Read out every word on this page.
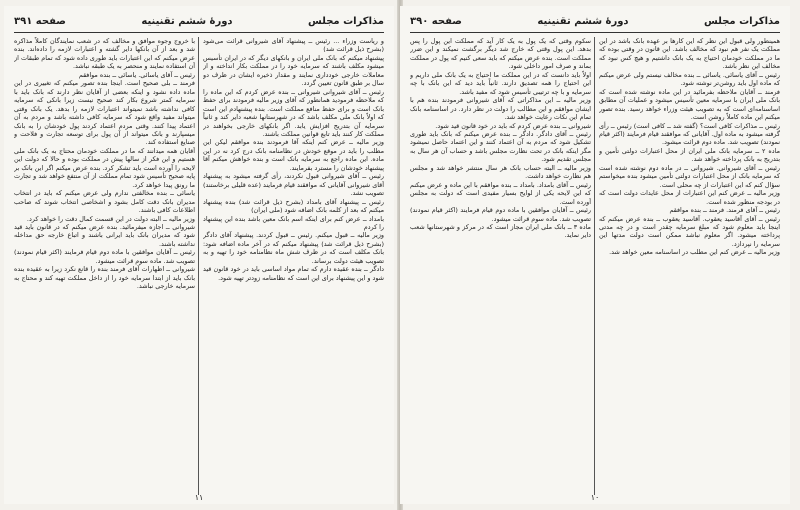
صفحه ۳۹۱	دورهٔ ششم تقنینیه	مذاکرات مجلس

و ریاست وزراء ... رئیس ــ پیشنهاد آقای شیروانی قرائت می‌شود (بشرح ذیل قرائت شد)

پیشنهاد میکنم که بانک ملی ایران و بانکهای دیگر که در ایران تأسیس میشود مکلف باشند که سرمایه خود را در مملکت بکار انداخته و از معاملات خارجی خودداری نمایند و مقدار ذخیره ایشان در ظرف دو سال بر طبق قانون تعیین گردد.

رئیس ــ آقای شیروانی شیروانی ــ بنده عرض کردم که این ماده را که ملاحظه فرمودید همانطور که آقای وزیر مالیه فرمودند برای حفظ بانک است و برای حفظ منافع مملکت است. بنده پیشنهادم این است که اولاً بانک ملی مکلف باشد که در شهرستانها شعبه دایر کند و ثانیاً سرمایه آن بتدریج افزایش یابد. اگر بانکهای خارجی بخواهند در مملکت کار کنند باید تابع قوانین مملکت باشند.

وزیر مالیه ــ عرض کنم اینکه آقا فرمودند بنده موافقم لیکن این مطلب را باید در موقع خودش در نظامنامه بانک درج کرد نه در این ماده. این ماده راجع به سرمایه بانک است و بنده خواهش میکنم آقا پیشنهاد خودشان را مسترد بفرمایند.

رئیس ــ آقای شیروانی قبول نکردند، رأی گرفته میشود به پیشنهاد آقای شیروانی آقایانی که موافقند قیام فرمایند (عده قلیلی برخاستند) تصویب نشد.

رئیس ــ پیشنهاد آقای بامداد (بشرح ذیل قرائت شد) بنده پیشنهاد میکنم که بعد از کلمه بانک اضافه شود (ملی ایران)

بامداد ــ عرض کنم برای اینکه اسم بانک معین باشد بنده این پیشنهاد را کردم

وزیر مالیه ــ قبول میکنم. رئیس ــ قبول کردند. پیشنهاد آقای دادگر (بشرح ذیل قرائت شد) پیشنهاد میکنم که در آخر ماده اضافه شود: بانک مکلف است که در ظرف شش ماه نظامنامه خود را تهیه و به تصویب هیئت دولت برساند.

دادگر ــ بنده عقیده دارم که تمام مواد اساسی باید در خود قانون قید شود و این پیشنهاد برای این است که نظامنامه زودتر تهیه شود.

با خروج وجوه موافق و مخالف که در شعب نمایندگان کاملاً مذاکره شد و بعد از آن بانکها دایر گشته و اعتبارات لازمه را داده‌اند. بنده عرض میکنم که این اعتبارات باید طوری داده شود که تمام طبقات از آن استفاده نمایند و منحصر به یک طبقه نباشد.

رئیس ــ آقای یاسائی. یاسائی ــ بنده موافقم

فرمند ــ بلی صحیح است. اینجا بنده تصور میکنم که تغییری در این ماده داده نشود و اینکه بعضی از آقایان نظر دارند که بانک باید با سرمایه کمتر شروع بکار کند صحیح نیست زیرا بانکی که سرمایه کافی نداشته باشد نمیتواند اعتبارات لازمه را بدهد. یک بانک وقتی میتواند مفید واقع شود که سرمایه کافی داشته باشد و مردم به آن اعتماد پیدا کنند. وقتی مردم اعتماد کردند پول خودشان را به بانک میسپارند و بانک میتواند از آن پول برای توسعه تجارت و فلاحت و صنایع استفاده کند.

آقایان همه میدانند که ما در مملکت خودمان محتاج به یک بانک ملی هستیم و این فکر از سالها پیش در مملکت بوده و حالا که دولت این لایحه را آورده است باید تشکر کرد. بنده عرض میکنم اگر این بانک بر پایه صحیح تأسیس شود تمام مملکت از آن منتفع خواهد شد و تجارت ما رونق پیدا خواهد کرد.

یاسائی ــ بنده مخالفتی ندارم ولی عرض میکنم که باید در انتخاب مدیران بانک دقت کامل بشود و اشخاصی انتخاب شوند که صاحب اطلاعات کافی باشند.

وزیر مالیه ــ البته دولت در این قسمت کمال دقت را خواهد کرد.

شیروانی ــ اجازه میفرمائید. بنده عرض میکنم که در قانون باید قید شود که مدیران بانک باید ایرانی باشند و اتباع خارجه حق مداخله نداشته باشند.

رئیس ــ آقایان موافقین با ماده دوم قیام فرمایند (اکثر قیام نمودند) تصویب شد. ماده سوم قرائت میشود.

شیروانی ــ اظهارات آقای فرمند بنده را قانع نکرد زیرا به عقیده بنده بانک باید از ابتدا سرمایه خود را از داخل مملکت تهیه کند و محتاج به سرمایه خارجی نباشد.

۱۱
صفحه ۳۹۰	دورهٔ ششم تقنینیه	مذاکرات مجلس

همینطور ولی قبول این نظر که این کارها بر عهده بانک باشد در این مملکت یک نفر هم نبود که مخالف باشد. این قانون در وقتی بوده که ما در مملکت خودمان احتیاج به یک بانک داشتیم و هیچ کس نبود که مخالف این نظر باشد.

رئیس ــ آقای یاسائی. یاسائی ــ بنده مخالف نیستم ولی عرض میکنم که ماده اول باید روشن‌تر نوشته شود.

فرمند ــ آقایان ملاحظه بفرمائید در این ماده نوشته شده است که بانک ملی ایران با سرمایه معین تأسیس میشود و عملیات آن مطابق اساسنامه‌ای است که به تصویب هیئت وزراء خواهد رسید. بنده تصور میکنم این ماده کاملاً روشن است.

رئیس ــ مذاکرات کافی است؟ (گفته شد ــ کافی است) رئیس ــ رأی گرفته میشود به ماده اول. آقایانی که موافقند قیام فرمایند (اکثر قیام نمودند) تصویب شد. ماده دوم قرائت میشود.

ماده ۲ ــ سرمایه بانک ملی ایران از محل اعتبارات دولتی تأمین و بتدریج به بانک پرداخته خواهد شد.

رئیس ــ آقای شیروانی. شیروانی ــ در ماده دوم نوشته شده است که سرمایه بانک از محل اعتبارات دولتی تأمین میشود بنده میخواستم سؤال کنم که این اعتبارات از چه محلی است.

وزیر مالیه ــ عرض کنم این اعتبارات از محل عایدات دولت است که در بودجه منظور شده است.

رئیس ــ آقای فرمند. فرمند ــ بنده موافقم

رئیس ــ آقای آقاسید یعقوب. آقاسید یعقوب ــ بنده عرض میکنم که اینجا باید معلوم شود که مبلغ سرمایه چقدر است و در چه مدتی پرداخته میشود. اگر معلوم نباشد ممکن است دولت مدتها این سرمایه را نپردازد.

وزیر مالیه ــ عرض کنم این مطلب در اساسنامه معین خواهد شد.

سکوم وقتی که یک پول به یک کار آید که مملکت این پول را پس بدهد. این پول وقتی که خارج شد دیگر برگشت نمیکند و این ضرر مملکت است. بنده عرض میکنم که باید سعی کنیم که پول در مملکت بماند و صرف امور داخلی شود.

اولاً باید دانست که در این مملکت ما احتیاج به یک بانک ملی داریم و این احتیاج را همه تصدیق دارند. ثانیاً باید دید که این بانک با چه سرمایه و با چه ترتیبی تأسیس شود که مفید باشد.

وزیر مالیه ــ این مذاکراتی که آقای شیروانی فرمودند بنده هم با ایشان موافقم و این مطالب را دولت در نظر دارد. در اساسنامه بانک تمام این نکات رعایت خواهد شد.

شیروانی ــ بنده عرض کردم که باید در خود قانون قید شود.

رئیس ــ آقای دادگر. دادگر ــ بنده عرض میکنم که بانک باید طوری تشکیل شود که مردم به آن اعتماد کنند و این اعتماد حاصل نمیشود مگر اینکه بانک در تحت نظارت مجلس باشد و حساب آن هر سال به مجلس تقدیم شود.

وزیر مالیه ــ البته حساب بانک هر سال منتشر خواهد شد و مجلس هم نظارت خواهد داشت.

رئیس ــ آقای بامداد. بامداد ــ بنده موافقم با این ماده و عرض میکنم که این لایحه یکی از لوایح بسیار مفیدی است که دولت به مجلس آورده است.

رئیس ــ آقایان موافقین با ماده دوم قیام فرمایند (اکثر قیام نمودند) تصویب شد. ماده سوم قرائت میشود.

ماده ۳ ــ بانک ملی ایران مجاز است که در مرکز و شهرستانها شعب دایر نماید.

۱۰
